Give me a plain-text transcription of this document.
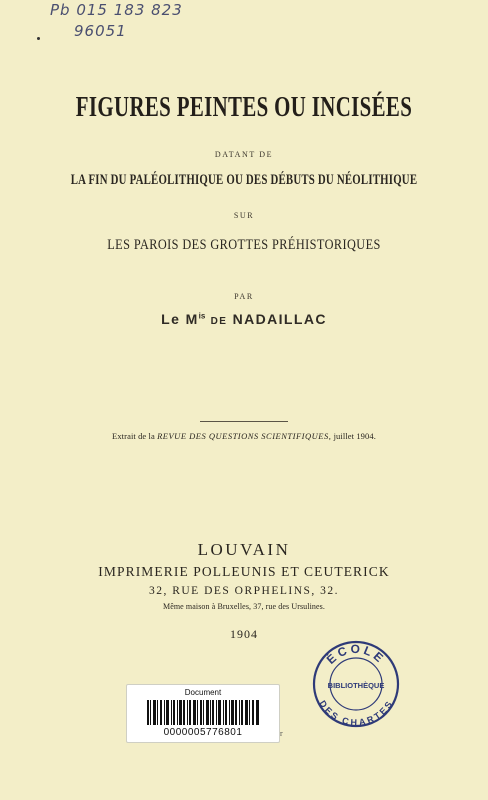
Pb 015 183 823
96051
FIGURES PEINTES OU INCISÉES
DATANT DE
LA FIN DU PALÉOLITHIQUE OU DES DÉBUTS DU NÉOLITHIQUE
SUR
LES PAROIS DES GROTTES PRÉHISTORIQUES
PAR
Le $M^{is}$ de NADAILLAC
Extrait de la REVUE DES QUESTIONS SCIENTIFIQUES, juillet 1904.
LOUVAIN
IMPRIMERIE POLLEUNIS ET CEUTERICK
32, RUE DES ORPHELINS, 32.
Même maison à Bruxelles, 37, rue des Ursulines.
1904
Document
0000005776801	r
ÉCOLE
BIBLIOTHÈQUE
DES CHARTES
